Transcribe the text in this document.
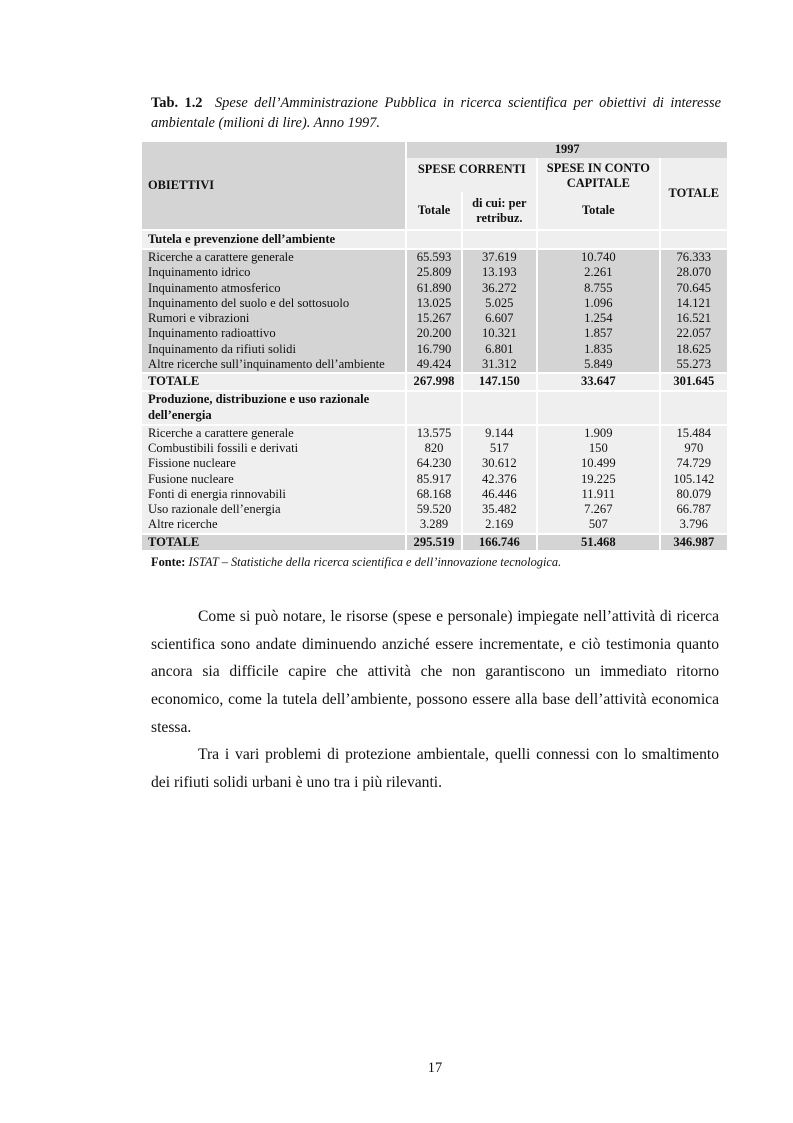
Tab. 1.2 Spese dell’Amministrazione Pubblica in ricerca scientifica per obiettivi di interesse ambientale (milioni di lire). Anno 1997.
OBIETTIVI	1997			
	SPESE CORRENTI		SPESE IN CONTO CAPITALE	TOTALE
	Totale	di cui: per retribuz.	Totale	

Tutela e prevenzione dell’ambiente				

Ricerche a carattere generale	65.593	37.619	10.740	76.333
Inquinamento idrico	25.809	13.193	2.261	28.070
Inquinamento atmosferico	61.890	36.272	8.755	70.645
Inquinamento del suolo e del sottosuolo	13.025	5.025	1.096	14.121
Rumori e vibrazioni	15.267	6.607	1.254	16.521
Inquinamento radioattivo	20.200	10.321	1.857	22.057
Inquinamento da rifiuti solidi	16.790	6.801	1.835	18.625
Altre ricerche sull’inquinamento dell’ambiente	49.424	31.312	5.849	55.273

TOTALE	267.998	147.150	33.647	301.645

Produzione, distribuzione e uso razionale dell’energia				

Ricerche a carattere generale	13.575	9.144	1.909	15.484
Combustibili fossili e derivati	820	517	150	970
Fissione nucleare	64.230	30.612	10.499	74.729
Fusione nucleare	85.917	42.376	19.225	105.142
Fonti di energia rinnovabili	68.168	46.446	11.911	80.079
Uso razionale dell’energia	59.520	35.482	7.267	66.787
Altre ricerche	3.289	2.169	507	3.796

TOTALE	295.519	166.746	51.468	346.987
Fonte: ISTAT – Statistiche della ricerca scientifica e dell’innovazione tecnologica.

Come si può notare, le risorse (spese e personale) impiegate nell’attività di ricerca scientifica sono andate diminuendo anziché essere incrementate, e ciò testimonia quanto ancora sia difficile capire che attività che non garantiscono un immediato ritorno economico, come la tutela dell’ambiente, possono essere alla base dell’attività economica stessa.

Tra i vari problemi di protezione ambientale, quelli connessi con lo smaltimento dei rifiuti solidi urbani è uno tra i più rilevanti.

17
